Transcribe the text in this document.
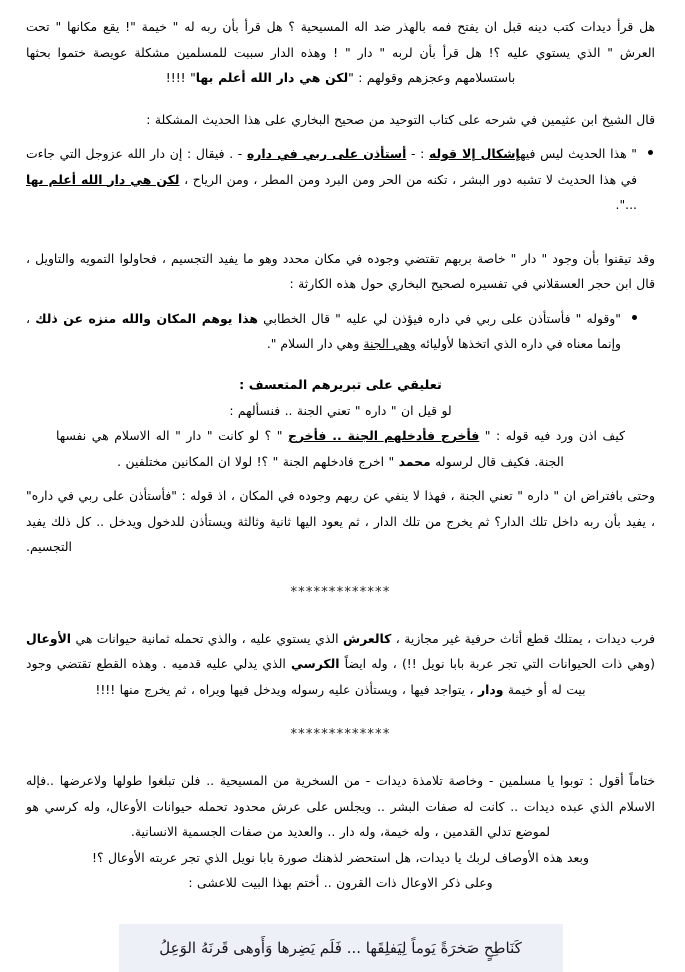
هل قرأ ديدات كتب دينه قبل ان يفتح فمه بالهذر ضد اله المسيحية ؟ هل قرأ بأن ربه له " خيمة "! يقع مكانها " تحت العرش " الذي يستوي عليه ؟! هل قرأ بأن لربه " دار " ! وهذه الدار سببت للمسلمين مشكلة عويصة ختموا بحثها باستسلامهم وعجزهم وقولهم : "لكن هي دار الله أعلم بها" !!!!
قال الشيخ ابن عثيمين في شرحه على كتاب التوحيد من صحيح البخاري على هذا الحديث المشكلة :
" هذا الحديث ليس فيهإشكال إلا قوله : - أستأذن على ربي في داره - . فيقال : إن دار الله عزوجل التي جاءت في هذا الحديث لا تشبه دور البشر ، تكنه من الحر ومن البرد ومن المطر ، ومن الرياح ، لكن هي دار الله أعلم بها ...".
وقد تيقنوا بأن وجود " دار " خاصة بربهم تقتضي وجوده في مكان محدد وهو ما يفيد التجسيم ، فحاولوا التمويه والتاويل ، قال ابن حجر العسقلاني في تفسيره لصحيح البخاري حول هذه الكارثة :
"وقوله " فأستأذن على ربي في داره فيؤذن لي عليه " قال الخطابي هذا يوهم المكان والله منزه عن ذلك ، وإنما معناه في داره الذي اتخذها لأوليائه وهي الجنة وهي دار السلام ".
تعليقي على تبريرهم المتعسف :
لو قيل ان " داره " تعني الجنة .. فنسألهم :
كيف اذن ورد فيه قوله : " فأخرج فأدخلهم الجنة .. فأخرج " ؟ لو كانت " دار " اله الاسلام هي نفسها الجنة. فكيف قال لرسوله محمد " اخرج فادخلهم الجنة " ؟! لولا ان المكانين مختلفين .
وحتى بافتراض ان " داره " تعني الجنة ، فهذا لا ينفي عن ربهم وجوده في المكان ، اذ قوله : "فأستأذن على ربي في داره" ، يفيد بأن ربه داخل تلك الدار؟ ثم يخرج من تلك الدار ، ثم يعود اليها ثانية وثالثة ويستأذن للدخول ويدخل .. كل ذلك يفيد التجسيم.
*************
فرب ديدات ، يمتلك قطع أثاث حرفية غير مجازية ، كالعرش الذي يستوي عليه ، والذي تحمله ثمانية حيوانات هي الأوعال (وهي ذات الحيوانات التي تجر عربة بابا نويل !!) ، وله ايضاً الكرسي الذي يدلي عليه قدميه . وهذه القطع تقتضي وجود بيت له أو خيمة ودار ، يتواجد فيها ، ويستأذن عليه رسوله ويدخل فيها ويراه ، ثم يخرج منها !!!!
*************
ختاماً أقول : توبوا يا مسلمين - وخاصة تلامذة ديدات - من السخرية من المسيحية .. فلن تبلغوا طولها ولاعرضها ..فإله الاسلام الذي عبده ديدات .. كانت له صفات البشر .. ويجلس على عرش محدود تحمله حيوانات الأوعال، وله كرسي هو لموضع تدلي القدمين ، وله خيمة، وله دار .. والعديد من صفات الجسمية الانسانية.
وبعد هذه الأوصاف لربك يا ديدات، هل استحضر لذهنك صورة بابا نويل الذي تجر عربته الأوعال ؟!
وعلى ذكر الاوعال ذات القرون .. أختم بهذا البيت للاعشى :
كَنَاطِحٍ صَخرَةً يَوماً لِيَفلِقَها ... فَلَم يَضِرها وَأَوهى قَرنَهُ الوَعِلُ
